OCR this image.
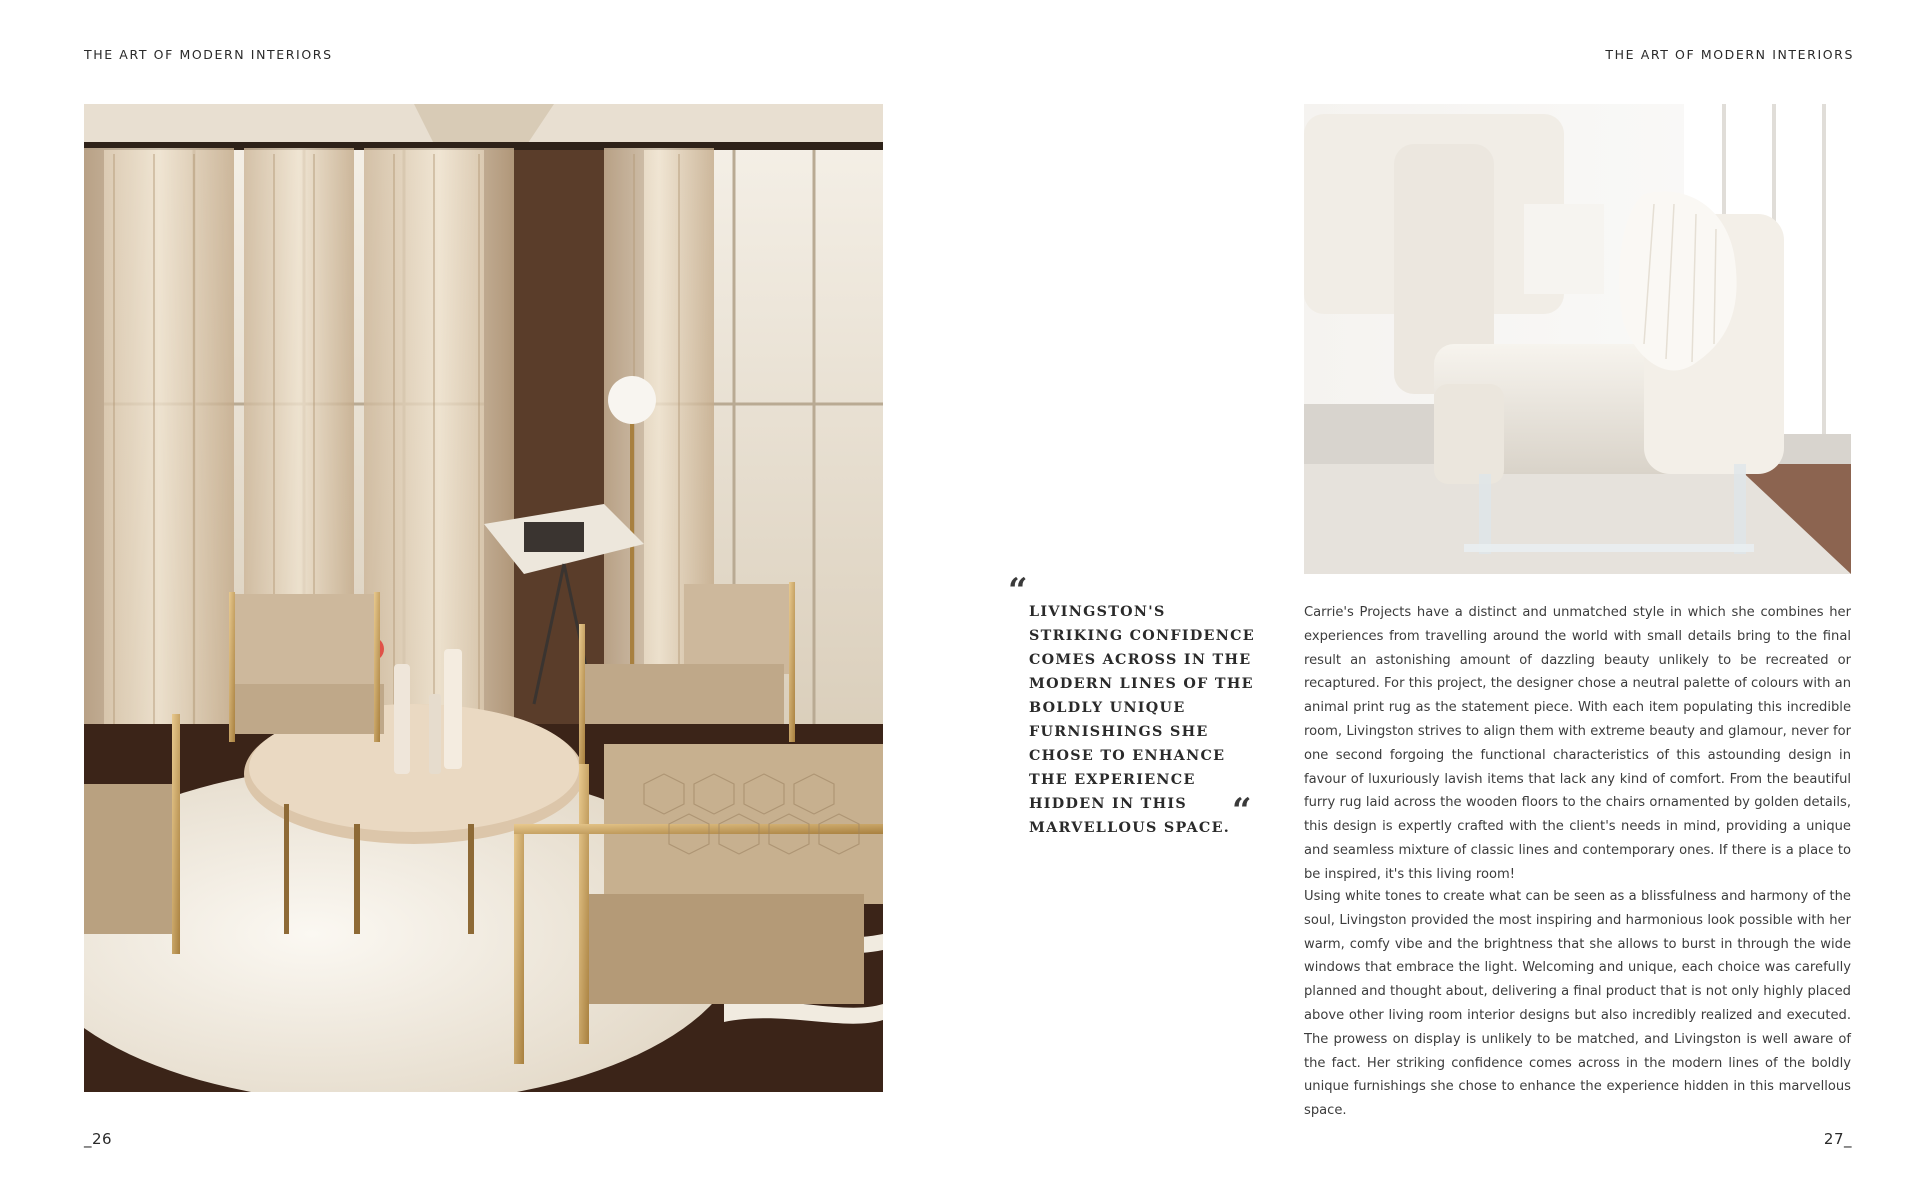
THE ART OF MODERN INTERIORS	THE ART OF MODERN INTERIORS
“

LIVINGSTON'S STRIKING CONFIDENCE COMES ACROSS IN THE MODERN LINES OF THE BOLDLY UNIQUE FURNISHINGS SHE CHOSE TO ENHANCE THE EXPERIENCE HIDDEN IN THIS MARVELLOUS SPACE. “

Carrie's Projects have a distinct and unmatched style in which she combines her experiences from travelling around the world with small details bring to the final result an astonishing amount of dazzling beauty unlikely to be recreated or recaptured. For this project, the designer chose a neutral palette of colours with an animal print rug as the statement piece. With each item populating this incredible room, Livingston strives to align them with extreme beauty and glamour, never for one second forgoing the functional characteristics of this astounding design in favour of luxuriously lavish items that lack any kind of comfort. From the beautiful furry rug laid across the wooden floors to the chairs ornamented by golden details, this design is expertly crafted with the client's needs in mind, providing a unique and seamless mixture of classic lines and contemporary ones. If there is a place to be inspired, it's this living room!

Using white tones to create what can be seen as a blissfulness and harmony of the soul, Livingston provided the most inspiring and harmonious look possible with her warm, comfy vibe and the brightness that she allows to burst in through the wide windows that embrace the light. Welcoming and unique, each choice was carefully planned and thought about, delivering a final product that is not only highly placed above other living room interior designs but also incredibly realized and executed. The prowess on display is unlikely to be matched, and Livingston is well aware of the fact. Her striking confidence comes across in the modern lines of the boldly unique furnishings she chose to enhance the experience hidden in this marvellous space.

_26	27_
